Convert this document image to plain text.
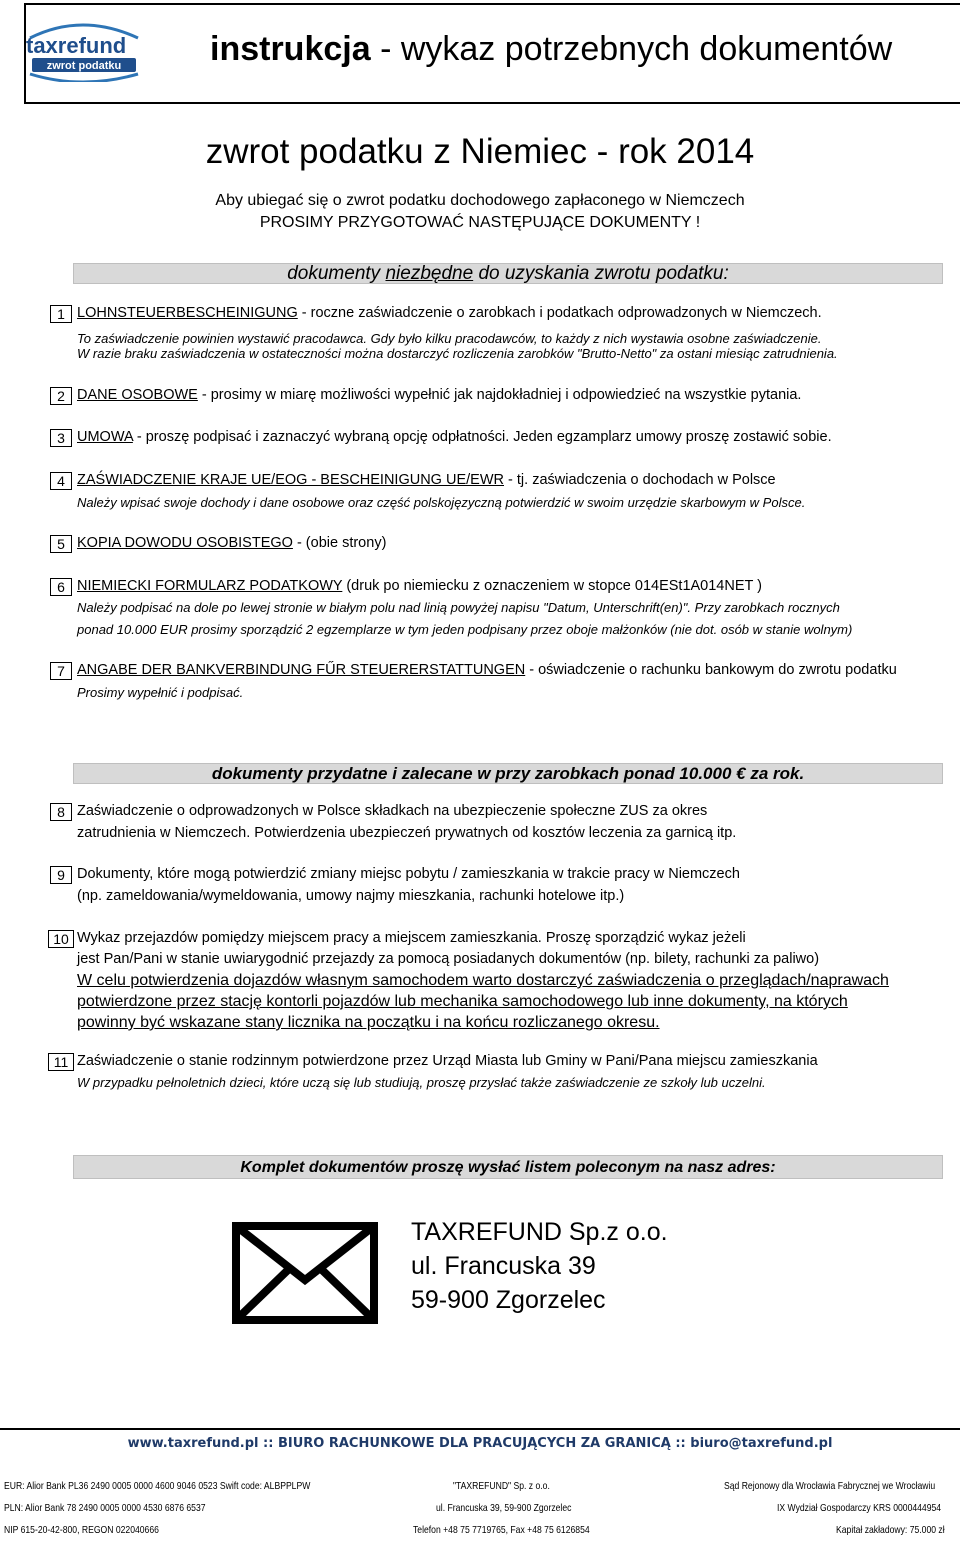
taxrefund
zwrot podatku	instrukcja - wykaz potrzebnych dokumentów
zwrot podatku z Niemiec - rok 2014
Aby ubiegać się o zwrot podatku dochodowego zapłaconego w Niemczech
PROSIMY PRZYGOTOWAĆ NASTĘPUJĄCE DOKUMENTY !
dokumenty niezbędne do uzyskania zwrotu podatku:
1 LOHNSTEUERBESCHEINIGUNG - roczne zaświadczenie o zarobkach i podatkach odprowadzonych w Niemczech.
To zaświadczenie powinien wystawić pracodawca. Gdy było kilku pracodawców, to każdy z nich wystawia osobne zaświadczenie.
W razie braku zaświadczenia w ostateczności można dostarczyć rozliczenia zarobków "Brutto-Netto" za ostani miesiąc zatrudnienia.
2 DANE OSOBOWE - prosimy w miarę możliwości wypełnić jak najdokładniej i odpowiedzieć na wszystkie pytania.
3 UMOWA - proszę podpisać i zaznaczyć wybraną opcję odpłatności. Jeden egzamplarz umowy proszę zostawić sobie.
4 ZAŚWIADCZENIE KRAJE UE/EOG - BESCHEINIGUNG UE/EWR - tj. zaświadczenia o dochodach w Polsce
Należy wpisać swoje dochody i dane osobowe oraz część polskojęzyczną potwierdzić w swoim urzędzie skarbowym w Polsce.
5 KOPIA DOWODU OSOBISTEGO - (obie strony)
6 NIEMIECKI FORMULARZ PODATKOWY (druk po niemiecku z oznaczeniem w stopce 014ESt1A014NET )
Należy podpisać na dole po lewej stronie w białym polu nad linią powyżej napisu "Datum, Unterschrift(en)". Przy zarobkach rocznych
ponad 10.000 EUR prosimy sporządzić 2 egzemplarze w tym jeden podpisany przez oboje małżonków (nie dot. osób w stanie wolnym)
7 ANGABE DER BANKVERBINDUNG FŰR STEUERERSTATTUNGEN - oświadczenie o rachunku bankowym do zwrotu podatku
Prosimy wypełnić i podpisać.
dokumenty przydatne i zalecane w przy zarobkach ponad 10.000 € za rok.
8 Zaświadczenie o odprowadzonych w Polsce składkach na ubezpieczenie społeczne ZUS za okres
zatrudnienia w Niemczech. Potwierdzenia ubezpieczeń prywatnych od kosztów leczenia za garnicą itp.
9 Dokumenty, które mogą potwierdzić zmiany miejsc pobytu / zamieszkania w trakcie pracy w Niemczech
(np. zameldowania/wymeldowania, umowy najmy mieszkania, rachunki hotelowe itp.)
10 Wykaz przejazdów pomiędzy miejscem pracy a miejscem zamieszkania. Proszę sporządzić wykaz jeżeli
jest Pan/Pani w stanie uwiarygodnić przejazdy za pomocą posiadanych dokumentów (np. bilety, rachunki za paliwo)
W celu potwierdzenia dojazdów własnym samochodem warto dostarczyć zaświadczenia o przeglądach/naprawach
potwierdzone przez stację kontorli pojazdów lub mechanika samochodowego lub inne dokumenty, na których
powinny być wskazane stany licznika na początku i na końcu rozliczanego okresu.
11 Zaświadczenie o stanie rodzinnym potwierdzone przez Urząd Miasta lub Gminy w Pani/Pana miejscu zamieszkania
W przypadku pełnoletnich dzieci, które uczą się lub studiują, proszę przysłać także zaświadczenie ze szkoły lub uczelni.
Komplet dokumentów proszę wysłać listem poleconym na nasz adres:
TAXREFUND Sp.z o.o.
ul. Francuska 39
59-900 Zgorzelec
www.taxrefund.pl :: BIURO RACHUNKOWE DLA PRACUJĄCYCH ZA GRANICĄ :: biuro@taxrefund.pl
EUR: Alior Bank PL36 2490 0005 0000 4600 9046 0523 Swift code: ALBPPLPW	"TAXREFUND" Sp. z o.o.	Sąd Rejonowy dla Wrocławia Fabrycznej we Wrocławiu
PLN: Alior Bank 78 2490 0005 0000 4530 6876 6537	ul. Francuska 39, 59-900 Zgorzelec	IX Wydział Gospodarczy KRS 0000444954
NIP 615-20-42-800, REGON 022040666	Telefon +48 75 7719765, Fax +48 75 6126854	Kapitał zakładowy: 75.000 zł
